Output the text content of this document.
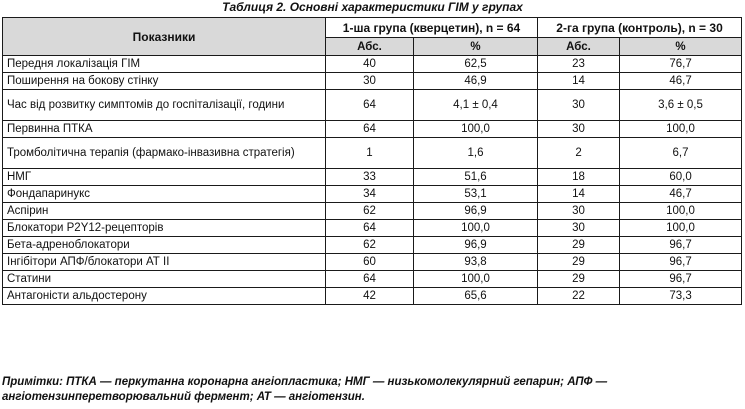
Таблиця 2. Основні характеристики ГІМ у групах
Показники	1-ша група (кверцетин), n = 64		2-га група (контроль), n = 30	
	Абс.	%	Абс.	%
Передня локалізація ГІМ	40	62,5	23	76,7
Поширення на бокову стінку	30	46,9	14	46,7
Час від розвитку симптомів до госпіталізації, години	64	4,1 ± 0,4	30	3,6 ± 0,5
Первинна ПТКА	64	100,0	30	100,0
Тромболітична терапія (фармако-інвазивна стратегія)	1	1,6	2	6,7
НМГ	33	51,6	18	60,0
Фондапаринукс	34	53,1	14	46,7
Аспірин	62	96,9	30	100,0
Блокатори P2Y12-рецепторів	64	100,0	30	100,0
Бета-адреноблокатори	62	96,9	29	96,7
Інгібітори АПФ/блокатори АТ ІІ	60	93,8	29	96,7
Статини	64	100,0	29	96,7
Антагоністи альдостерону	42	65,6	22	73,3
Примітки: ПТКА — перкутанна коронарна ангіопластика; НМГ — низькомолекулярний гепарин; АПФ — ангіотензинперетворювальний фермент; АТ — ангіотензин.
